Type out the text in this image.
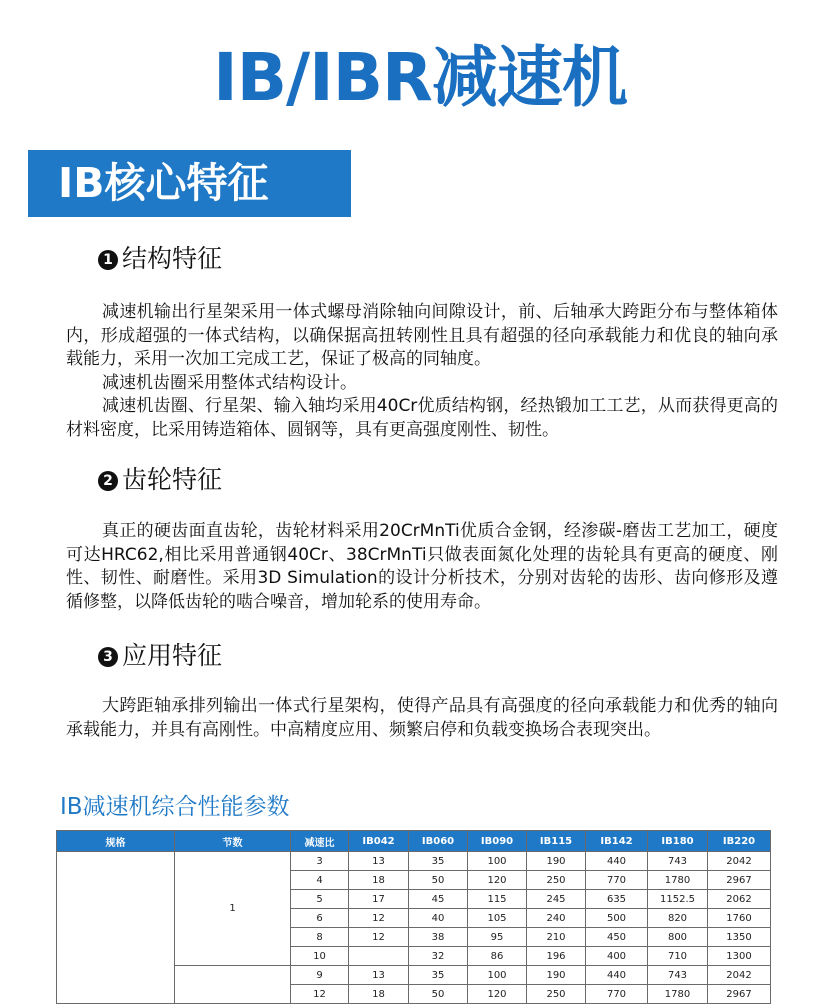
IB/IBR减速机
IB核心特征
1 结构特征

减速机输出行星架采用一体式螺母消除轴向间隙设计，前、后轴承大跨距分布与整体箱体内，形成超强的一体式结构，以确保据高扭转刚性且具有超强的径向承载能力和优良的轴向承载能力，采用一次加工完成工艺，保证了极高的同轴度。

减速机齿圈采用整体式结构设计。

减速机齿圈、行星架、输入轴均采用40Cr优质结构钢，经热锻加工工艺，从而获得更高的材料密度，比采用铸造箱体、圆钢等，具有更高强度刚性、韧性。

2 齿轮特征

真正的硬齿面直齿轮，齿轮材料采用20CrMnTi优质合金钢，经渗碳-磨齿工艺加工，硬度可达HRC62,相比采用普通钢40Cr、38CrMnTi只做表面氮化处理的齿轮具有更高的硬度、刚性、韧性、耐磨性。采用3D Simulation的设计分析技术，分别对齿轮的齿形、齿向修形及遵循修整，以降低齿轮的啮合噪音，增加轮系的使用寿命。

3 应用特征

大跨距轴承排列输出一体式行星架构，使得产品具有高强度的径向承载能力和优秀的轴向承载能力，并具有高刚性。中高精度应用、频繁启停和负载变换场合表现突出。

IB减速机综合性能参数
规格	节数	减速比	IB042	IB060	IB090	IB115	IB142	IB180	IB220
	1	3	13	35	100	190	440	743	2042
		4	18	50	120	250	770	1780	2967
		5	17	45	115	245	635	1152.5	2062
		6	12	40	105	240	500	820	1760
		8	12	38	95	210	450	800	1350
		10		32	86	196	400	710	1300
		9	13	35	100	190	440	743	2042
		12	18	50	120	250	770	1780	2967
